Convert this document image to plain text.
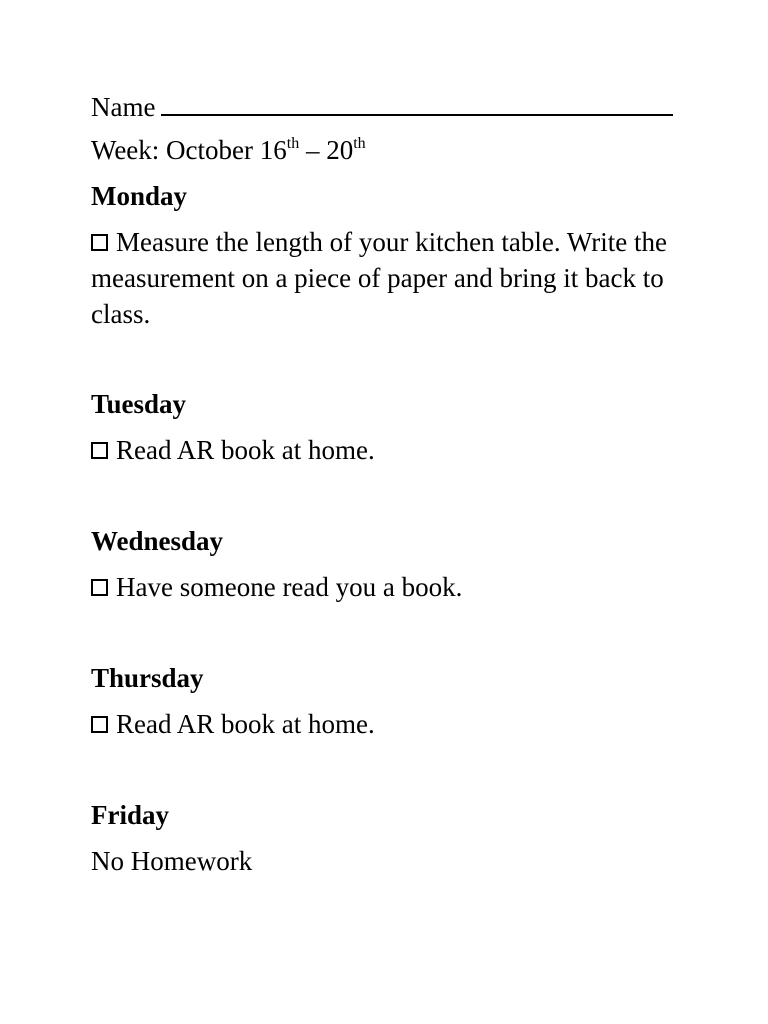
Name

Week: October 16th – 20th

Monday

Measure the length of your kitchen table. Write the measurement on a piece of paper and bring it back to class.

Tuesday

Read AR book at home.

Wednesday

Have someone read you a book.

Thursday

Read AR book at home.

Friday

No Homework
